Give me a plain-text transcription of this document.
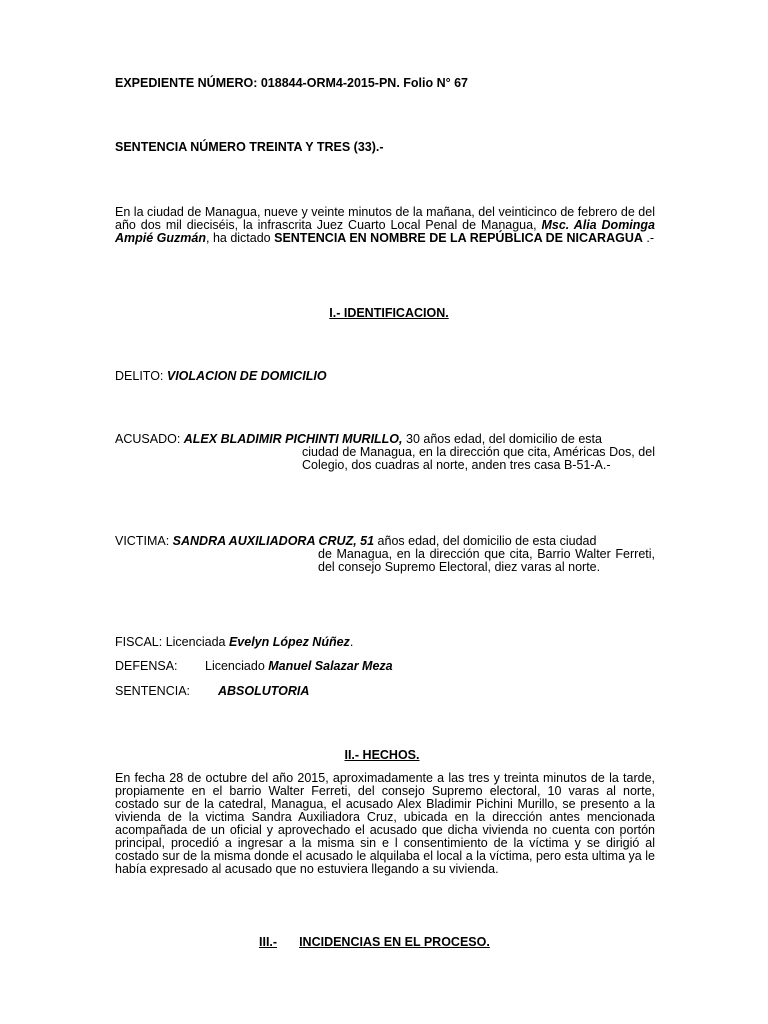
EXPEDIENTE NÚMERO: 018844-ORM4-2015-PN. Folio N° 67
SENTENCIA NÚMERO TREINTA Y TRES (33).-
En la ciudad de Managua, nueve y veinte minutos de la mañana, del veinticinco de febrero de del año dos mil dieciséis, la infrascrita Juez Cuarto Local Penal de Managua, Msc. Alia Dominga Ampié Guzmán, ha dictado SENTENCIA EN NOMBRE DE LA REPÚBLICA DE NICARAGUA .-
I.- IDENTIFICACION.
DELITO: VIOLACION DE DOMICILIO
ACUSADO: ALEX BLADIMIR PICHINTI MURILLO, 30 años edad, del domicilio de esta
ciudad de Managua, en la dirección que cita, Américas Dos, del Colegio, dos cuadras al norte, anden tres casa B-51-A.-
VICTIMA: SANDRA AUXILIADORA CRUZ, 51 años edad, del domicilio de esta ciudad
de Managua, en la dirección que cita, Barrio Walter Ferreti, del consejo Supremo Electoral, diez varas al norte.
FISCAL: Licenciada Evelyn López Núñez.
DEFENSA: Licenciado Manuel Salazar Meza
SENTENCIA: ABSOLUTORIA
II.- HECHOS.
En fecha 28 de octubre del año 2015, aproximadamente a las tres y treinta minutos de la tarde, propiamente en el barrio Walter Ferreti, del consejo Supremo electoral, 10 varas al norte, costado sur de la catedral, Managua, el acusado Alex Bladimir Pichini Murillo, se presento a la vivienda de la victima Sandra Auxiliadora Cruz, ubicada en la dirección antes mencionada acompañada de un oficial y aprovechado el acusado que dicha vivienda no cuenta con portón principal, procedió a ingresar a la misma sin e l consentimiento de la víctima y se dirigió al costado sur de la misma donde el acusado le alquilaba el local a la víctima, pero esta ultima ya le había expresado al acusado que no estuviera llegando a su vivienda.
III.- INCIDENCIAS EN EL PROCESO.
